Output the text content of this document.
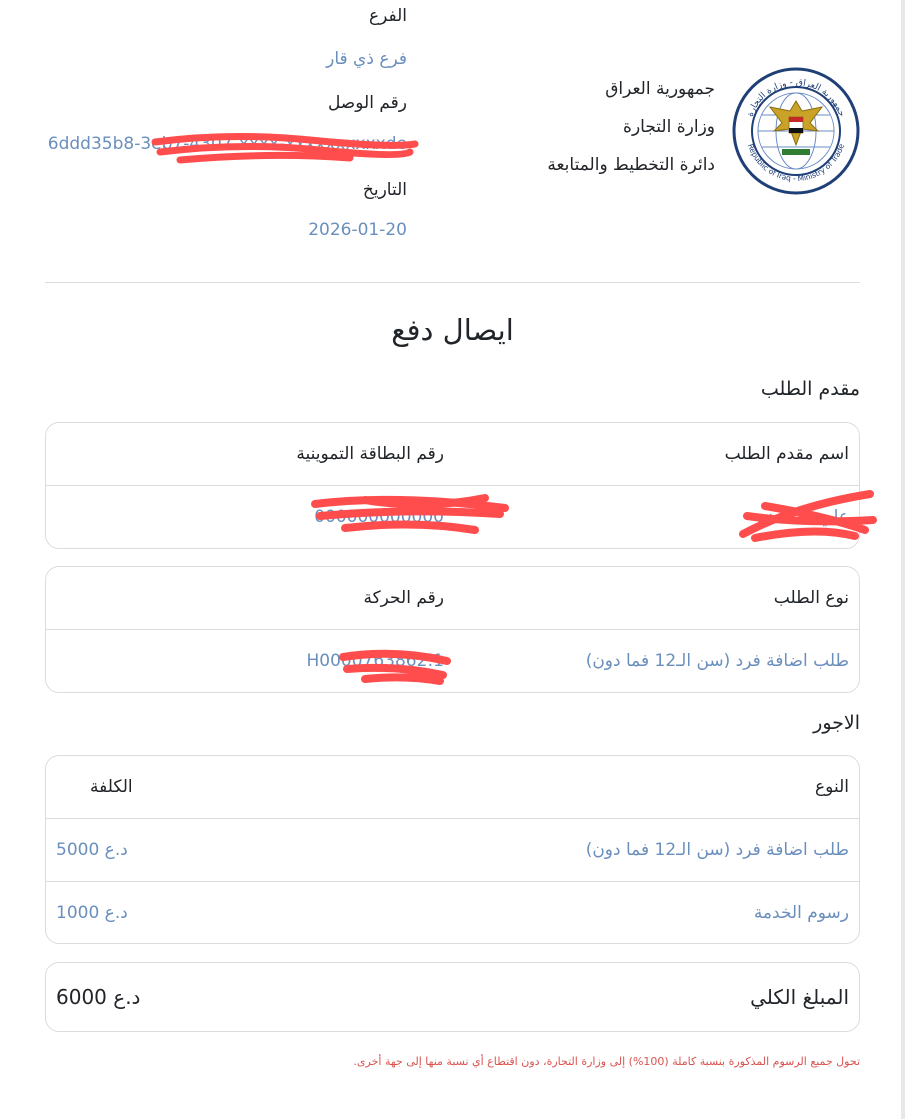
الفرع
فرع ذي قار
رقم الوصل
6ddd35b8-3eb7-4307-xxxx-xxxxxxxxxxde
التاريخ
2026-01-20
جمهورية العراق
وزارة التجارة
دائرة التخطيط والمتابعة
جمهورية العراق - وزارة التجارة
Republic of Iraq - Ministry of Trade
ايصال دفع
مقدم الطلب
اسم مقدم الطلب
رقم البطاقة التموينية
علي ... عدنم
000000000000
نوع الطلب
رقم الحركة
طلب اضافة فرد (سن الـ12 فما دون)
H0000763862:1
الاجور
النوع
الكلفة
طلب اضافة فرد (سن الـ12 فما دون)
5000 د.ع
رسوم الخدمة
1000 د.ع
المبلغ الكلي
6000 د.ع
تحول جميع الرسوم المذكورة بنسبة كاملة (100%) إلى وزارة التجارة، دون اقتطاع أي نسبة منها إلى جهة أخرى.
